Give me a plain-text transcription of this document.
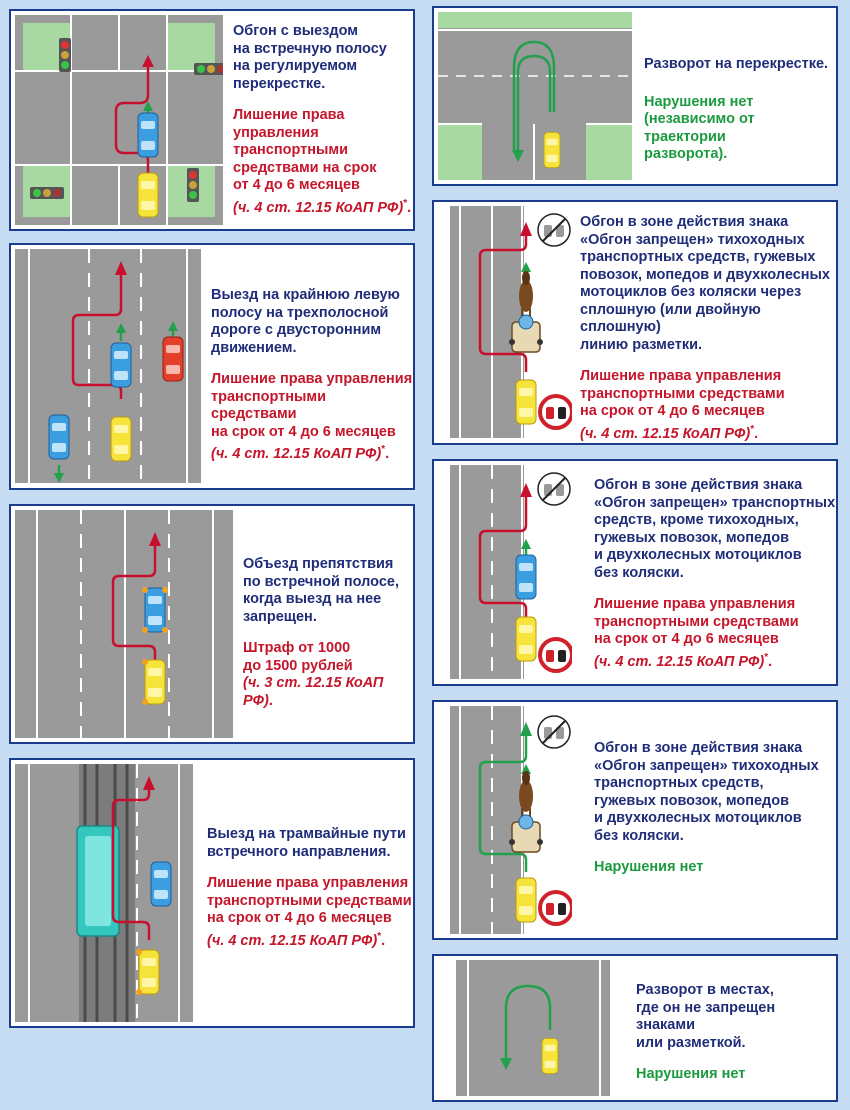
Обгон с выездом
на встречную полосу
на регулируемом
перекрестке.

Лишение права
управления
транспортными
средствами на срок
от 4 до 6 месяцев

(ч. 4 ст. 12.15 КоАП РФ)*.

Выезд на крайнюю левую
полосу на трехполосной
дороге с двусторонним
движением.

Лишение права управления
транспортными средствами
на срок от 4 до 6 месяцев

(ч. 4 ст. 12.15 КоАП РФ)*.

Объезд препятствия
по встречной полосе,
когда выезд на нее
запрещен.

Штраф от 1000
до 1500 рублей

(ч. 3 ст. 12.15 КоАП РФ).

Выезд на трамвайные пути
встречного направления.

Лишение права управления
транспортными средствами
на срок от 4 до 6 месяцев

(ч. 4 ст. 12.15 КоАП РФ)*.

Разворот на перекрестке.

Нарушения нет
(независимо от траектории
разворота).

Обгон в зоне действия знака
«Обгон запрещен» тихоходных
транспортных средств, гужевых
повозок, мопедов и двухколесных
мотоциклов без коляски через
сплошную (или двойную сплошную)
линию разметки.

Лишение права управления
транспортными средствами
на срок от 4 до 6 месяцев

(ч. 4 ст. 12.15 КоАП РФ)*.

Обгон в зоне действия знака
«Обгон запрещен» транспортных
средств, кроме тихоходных,
гужевых повозок, мопедов
и двухколесных мотоциклов
без коляски.

Лишение права управления
транспортными средствами
на срок от 4 до 6 месяцев

(ч. 4 ст. 12.15 КоАП РФ)*.

Обгон в зоне действия знака
«Обгон запрещен» тихоходных
транспортных средств,
гужевых повозок, мопедов
и двухколесных мотоциклов
без коляски.

Нарушения нет

Разворот в местах,
где он не запрещен знаками
или разметкой.

Нарушения нет
